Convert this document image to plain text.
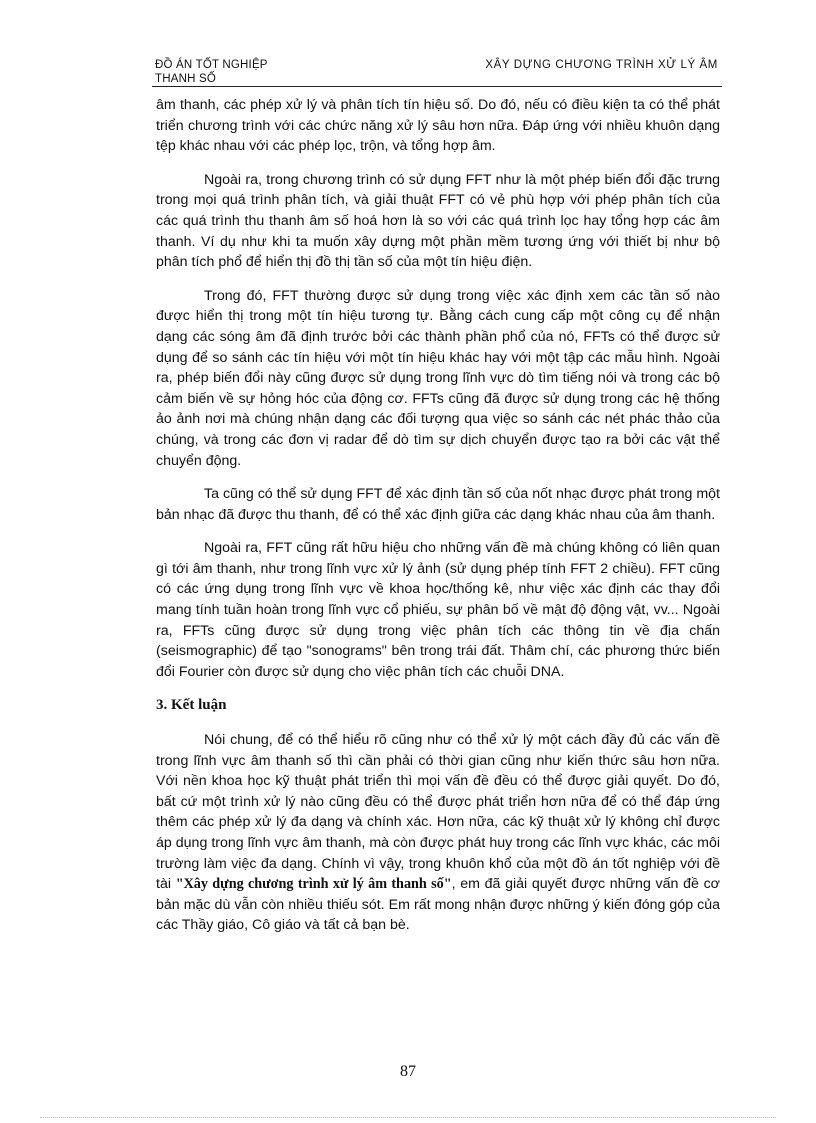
ĐỒ ÁN TỐT NGHIỆP
THANH SỐ
XÂY DỰNG CHƯƠNG TRÌNH XỬ LÝ ÂM

âm thanh, các phép xử lý và phân tích tín hiệu số. Do đó, nếu có điều kiện ta có thể phát triển chương trình với các chức năng xử lý sâu hơn nữa. Đáp ứng với nhiều khuôn dạng tệp khác nhau với các phép lọc, trộn, và tổng hợp âm.

Ngoài ra, trong chương trình có sử dụng FFT như là một phép biến đổi đặc trưng trong mọi quá trình phân tích, và giải thuật FFT có vẻ phù hợp với phép phân tích của các quá trình thu thanh âm số hoá hơn là so với các quá trình lọc hay tổng hợp các âm thanh. Ví dụ như khi ta muốn xây dựng một phần mềm tương ứng với thiết bị như bộ phân tích phổ để hiển thị đồ thị tần số của một tín hiệu điện.

Trong đó, FFT thường được sử dụng trong việc xác định xem các tần số nào được hiển thị trong một tín hiệu tương tự. Bằng cách cung cấp một công cụ để nhận dạng các sóng âm đã định trước bởi các thành phần phổ của nó, FFTs có thể được sử dụng để so sánh các tín hiệu với một tín hiệu khác hay với một tập các mẫu hình. Ngoài ra, phép biến đổi này cũng được sử dụng trong lĩnh vực dò tìm tiếng nói và trong các bộ cảm biến về sự hỏng hóc của động cơ. FFTs cũng đã được sử dụng trong các hệ thống ảo ảnh nơi mà chúng nhận dạng các đối tượng qua việc so sánh các nét phác thảo của chúng, và trong các đơn vị radar để dò tìm sự dịch chuyển được tạo ra bởi các vật thể chuyển động.

Ta cũng có thể sử dụng FFT để xác định tần số của nốt nhạc được phát trong một bản nhạc đã được thu thanh, để có thể xác định giữa các dạng khác nhau của âm thanh.

Ngoài ra, FFT cũng rất hữu hiệu cho những vấn đề mà chúng không có liên quan gì tới âm thanh, như trong lĩnh vực xử lý ảnh (sử dụng phép tính FFT 2 chiều). FFT cũng có các ứng dụng trong lĩnh vực về khoa học/thống kê, như việc xác định các thay đổi mang tính tuần hoàn trong lĩnh vực cổ phiếu, sự phân bố về mật độ động vật, vv... Ngoài ra, FFTs cũng được sử dụng trong việc phân tích các thông tin về địa chấn (seismographic) để tạo "sonograms" bên trong trái đất. Thâm chí, các phương thức biến đổi Fourier còn được sử dụng cho việc phân tích các chuỗi DNA.

3. Kết luận

Nói chung, để có thể hiểu rõ cũng như có thể xử lý một cách đầy đủ các vấn đề trong lĩnh vực âm thanh số thì cần phải có thời gian cũng như kiến thức sâu hơn nữa. Với nền khoa học kỹ thuật phát triển thì mọi vấn đề đều có thể được giải quyết. Do đó, bất cứ một trình xử lý nào cũng đều có thể được phát triển hơn nữa để có thể đáp ứng thêm các phép xử lý đa dạng và chính xác. Hơn nữa, các kỹ thuật xử lý không chỉ được áp dụng trong lĩnh vực âm thanh, mà còn được phát huy trong các lĩnh vực khác, các môi trường làm việc đa dạng. Chính vì vậy, trong khuôn khổ của một đồ án tốt nghiệp với đề tài "Xây dựng chương trình xử lý âm thanh số", em đã giải quyết được những vấn đề cơ bản mặc dù vẫn còn nhiều thiếu sót. Em rất mong nhận được những ý kiến đóng góp của các Thầy giáo, Cô giáo và tất cả bạn bè.

87
